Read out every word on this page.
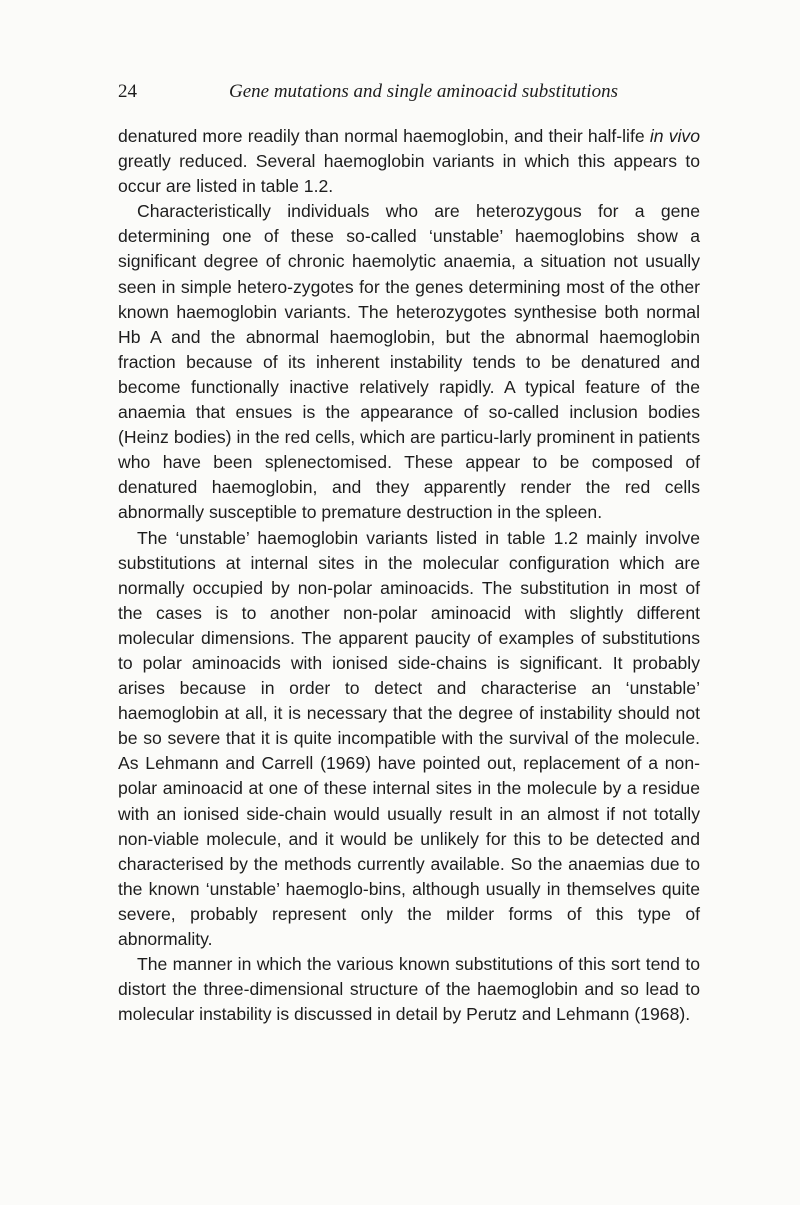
24	Gene mutations and single aminoacid substitutions

denatured more readily than normal haemoglobin, and their half-life in vivo greatly reduced. Several haemoglobin variants in which this appears to occur are listed in table 1.2.

Characteristically individuals who are heterozygous for a gene determining one of these so-called ‘unstable’ haemoglobins show a significant degree of chronic haemolytic anaemia, a situation not usually seen in simple hetero-zygotes for the genes determining most of the other known haemoglobin variants. The heterozygotes synthesise both normal Hb A and the abnormal haemoglobin, but the abnormal haemoglobin fraction because of its inherent instability tends to be denatured and become functionally inactive relatively rapidly. A typical feature of the anaemia that ensues is the appearance of so-called inclusion bodies (Heinz bodies) in the red cells, which are particu-larly prominent in patients who have been splenectomised. These appear to be composed of denatured haemoglobin, and they apparently render the red cells abnormally susceptible to premature destruction in the spleen.

The ‘unstable’ haemoglobin variants listed in table 1.2 mainly involve substitutions at internal sites in the molecular configuration which are normally occupied by non-polar aminoacids. The substitution in most of the cases is to another non-polar aminoacid with slightly different molecular dimensions. The apparent paucity of examples of substitutions to polar aminoacids with ionised side-chains is significant. It probably arises because in order to detect and characterise an ‘unstable’ haemoglobin at all, it is necessary that the degree of instability should not be so severe that it is quite incompatible with the survival of the molecule. As Lehmann and Carrell (1969) have pointed out, replacement of a non-polar aminoacid at one of these internal sites in the molecule by a residue with an ionised side-chain would usually result in an almost if not totally non-viable molecule, and it would be unlikely for this to be detected and characterised by the methods currently available. So the anaemias due to the known ‘unstable’ haemoglo-bins, although usually in themselves quite severe, probably represent only the milder forms of this type of abnormality.

The manner in which the various known substitutions of this sort tend to distort the three-dimensional structure of the haemoglobin and so lead to molecular instability is discussed in detail by Perutz and Lehmann (1968).
